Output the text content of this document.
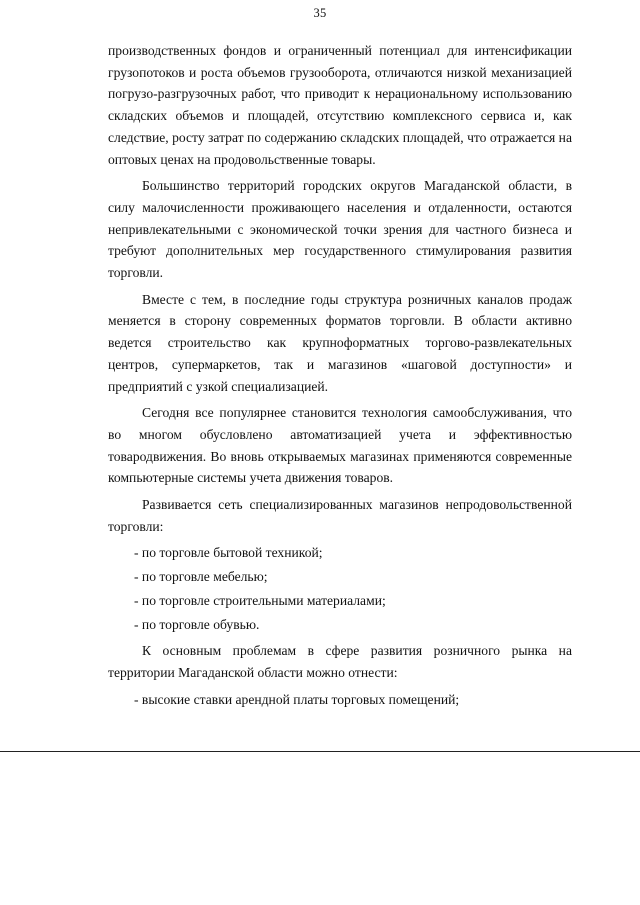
35

производственных фондов и ограниченный потенциал для интенсификации грузопотоков и роста объемов грузооборота, отличаются низкой механизацией погрузо-разгрузочных работ, что приводит к нерациональному использованию складских объемов и площадей, отсутствию комплексного сервиса и, как следствие, росту затрат по содержанию складских площадей, что отражается на оптовых ценах на продовольственные товары.

Большинство территорий городских округов Магаданской области, в силу малочисленности проживающего населения и отдаленности, остаются непривлекательными с экономической точки зрения для частного бизнеса и требуют дополнительных мер государственного стимулирования развития торговли.

Вместе с тем, в последние годы структура розничных каналов продаж меняется в сторону современных форматов торговли. В области активно ведется строительство как крупноформатных торгово-развлекательных центров, супермаркетов, так и магазинов «шаговой доступности» и предприятий с узкой специализацией.

Сегодня все популярнее становится технология самообслуживания, что во многом обусловлено автоматизацией учета и эффективностью товародвижения. Во вновь открываемых магазинах применяются современные компьютерные системы учета движения товаров.

Развивается сеть специализированных магазинов непродовольственной торговли:

- по торговле бытовой техникой;
- по торговле мебелью;
- по торговле строительными материалами;
- по торговле обувью.

К основным проблемам в сфере развития розничного рынка на территории Магаданской области можно отнести:

- высокие ставки арендной платы торговых помещений;
